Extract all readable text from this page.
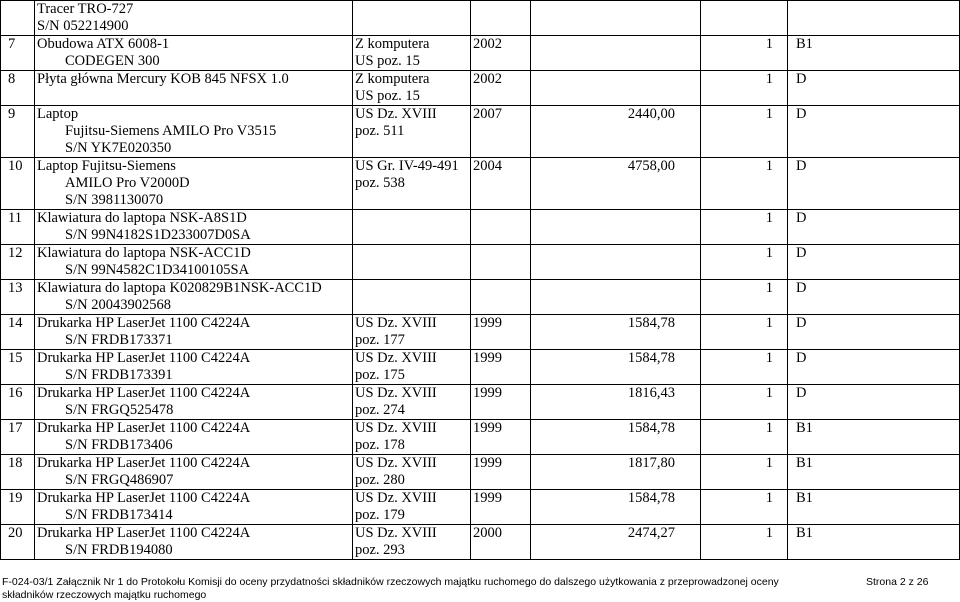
	Tracer TRO-727
S/N 052214900					

7	Obudowa ATX 6008-1
CODEGEN 300	Z komputera
US poz. 15	2002		1	B1

8	Płyta główna Mercury KOB 845 NFSX 1.0	Z komputera
US poz. 15	2002		1	D

9	Laptop
Fujitsu-Siemens AMILO Pro V3515
S/N YK7E020350	US Dz. XVIII
poz. 511	2007	2440,00	1	D

10	Laptop Fujitsu-Siemens
AMILO Pro V2000D
S/N 3981130070	US Gr. IV-49-491
poz. 538	2004	4758,00	1	D

11	Klawiatura do laptopa NSK-A8S1D
S/N 99N4182S1D233007D0SA				1	D

12	Klawiatura do laptopa NSK-ACC1D
S/N 99N4582C1D34100105SA				1	D

13	Klawiatura do laptopa K020829B1NSK-ACC1D
S/N 20043902568				1	D

14	Drukarka HP LaserJet 1100 C4224A
S/N FRDB173371	US Dz. XVIII
poz. 177	1999	1584,78	1	D

15	Drukarka HP LaserJet 1100 C4224A
S/N FRDB173391	US Dz. XVIII
poz. 175	1999	1584,78	1	D

16	Drukarka HP LaserJet 1100 C4224A
S/N FRGQ525478	US Dz. XVIII
poz. 274	1999	1816,43	1	D

17	Drukarka HP LaserJet 1100 C4224A
S/N FRDB173406	US Dz. XVIII
poz. 178	1999	1584,78	1	B1

18	Drukarka HP LaserJet 1100 C4224A
S/N FRGQ486907	US Dz. XVIII
poz. 280	1999	1817,80	1	B1

19	Drukarka HP LaserJet 1100 C4224A
S/N FRDB173414	US Dz. XVIII
poz. 179	1999	1584,78	1	B1

20	Drukarka HP LaserJet 1100 C4224A
S/N FRDB194080	US Dz. XVIII
poz. 293	2000	2474,27	1	B1
F-024-03/1 Załącznik Nr 1 do Protokołu Komisji do oceny przydatności składników rzeczowych majątku ruchomego do dalszego użytkowania z przeprowadzonej oceny składników rzeczowych majątku ruchomego
Strona 2 z 26
